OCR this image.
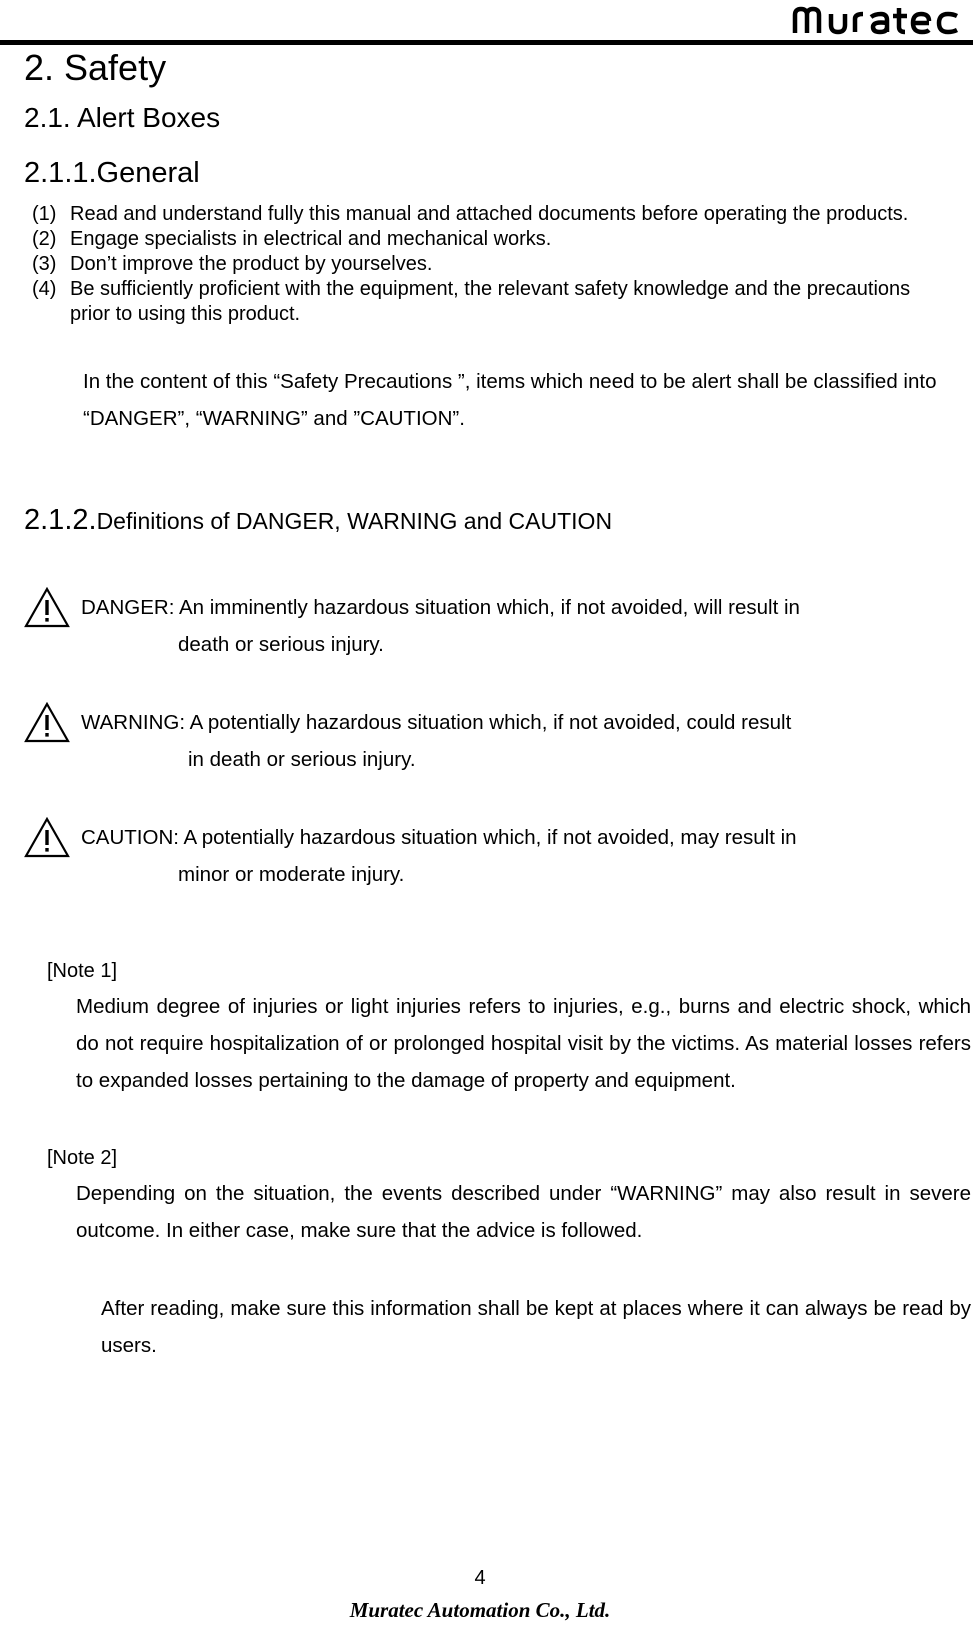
2. Safety
2.1. Alert Boxes
2.1.1.General
(1) Read and understand fully this manual and attached documents before operating the products.
(2) Engage specialists in electrical and mechanical works.
(3) Don’t improve the product by yourselves.
(4) Be sufficiently proficient with the equipment, the relevant safety knowledge and the precautions prior to using this product.

In the content of this “Safety Precautions ”, items which need to be alert shall be classified into “DANGER”, “WARNING” and ”CAUTION”.

2.1.2.Definitions of DANGER, WARNING and CAUTION
DANGER: An imminently hazardous situation which, if not avoided, will result in
death or serious injury.
WARNING: A potentially hazardous situation which, if not avoided, could result
in death or serious injury.
CAUTION: A potentially hazardous situation which, if not avoided, may result in
minor or moderate injury.
[Note 1]

Medium degree of injuries or light injuries refers to injuries, e.g., burns and electric shock, which do not require hospitalization of or prolonged hospital visit by the victims. As material losses refers to expanded losses pertaining to the damage of property and equipment.

[Note 2]

Depending on the situation, the events described under “WARNING” may also result in severe outcome. In either case, make sure that the advice is followed.

After reading, make sure this information shall be kept at places where it can always be read by users.

4
Muratec Automation Co., Ltd.
